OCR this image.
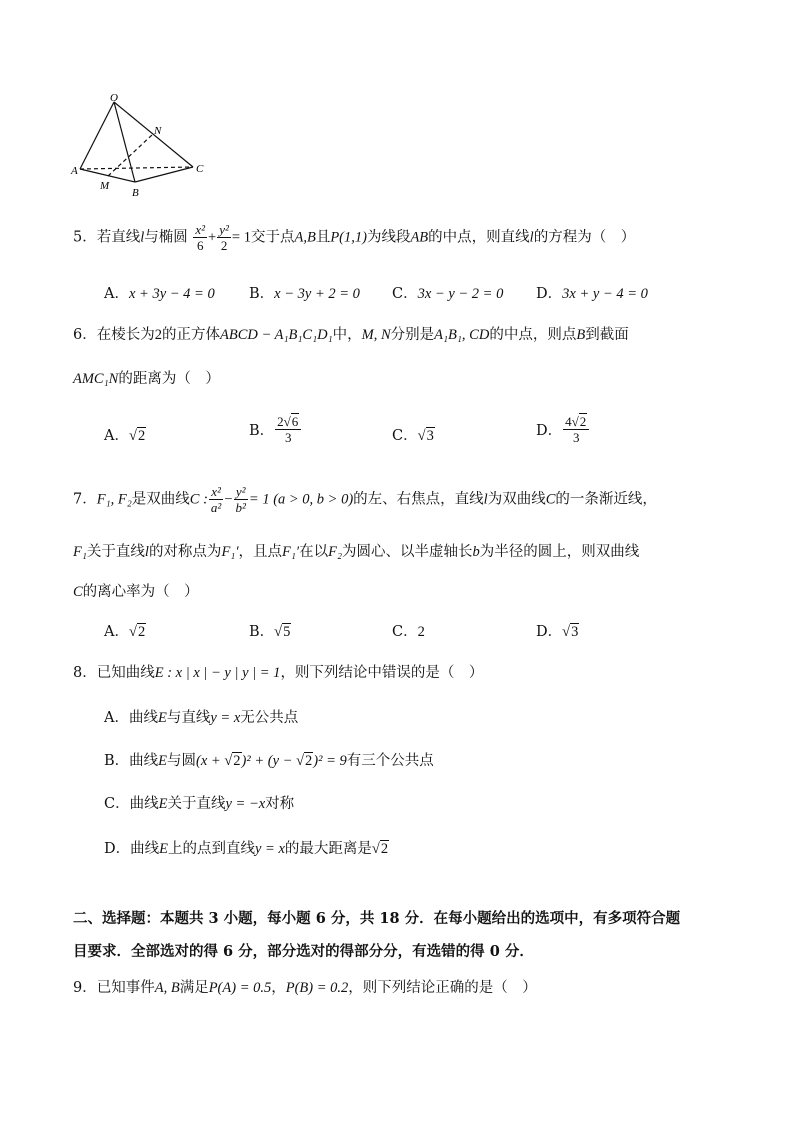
O
N
A
M
B
C
5．若直线l与椭圆 $\frac{\text{x²}}{6} + \frac{\text{y²}}{2} = 1$交于点A,B且P(1,1)为线段AB的中点，则直线l的方程为（　）
A．x + 3y − 4 = 0 B．x − 3y + 2 = 0 C．3x − y − 2 = 0 D．3x + y − 4 = 0
6．在棱长为2的正方体ABCD − A₁B₁C₁D₁中，M, N分别是A₁B₁, CD的中点，则点B到截面
AMC₁N的距离为（　）
A．√2	B． $\frac{2√6}{3}$	C．√3	D． $\frac{4√2}{3}$
7．F₁, F₂是双曲线C : $\frac{\text{x²}}{\text{a²}} - \frac{\text{y²}}{\text{b²}} = 1$ (a > 0, b > 0)的左、右焦点，直线l为双曲线C的一条渐近线，
F₁关于直线l的对称点为F₁′，且点F₁′在以F₂为圆心、以半虚轴长b为半径的圆上，则双曲线
C的离心率为（　）
A．√2	B．√5	C．2	D．√3
8．已知曲线E : x | x | − y | y | = 1，则下列结论中错误的是（　）
A．曲线E与直线y = x无公共点
B．曲线E与圆(x + √2)² + (y − √2)² = 9有三个公共点
C．曲线E关于直线y = −x对称
D．曲线E上的点到直线y = x的最大距离是√2
二、选择题：本题共 3 小题，每小题 6 分，共 18 分．在每小题给出的选项中，有多项符合题
目要求．全部选对的得 6 分，部分选对的得部分分，有选错的得 0 分．
9．已知事件A, B满足P(A) = 0.5，P(B) = 0.2，则下列结论正确的是（　）
